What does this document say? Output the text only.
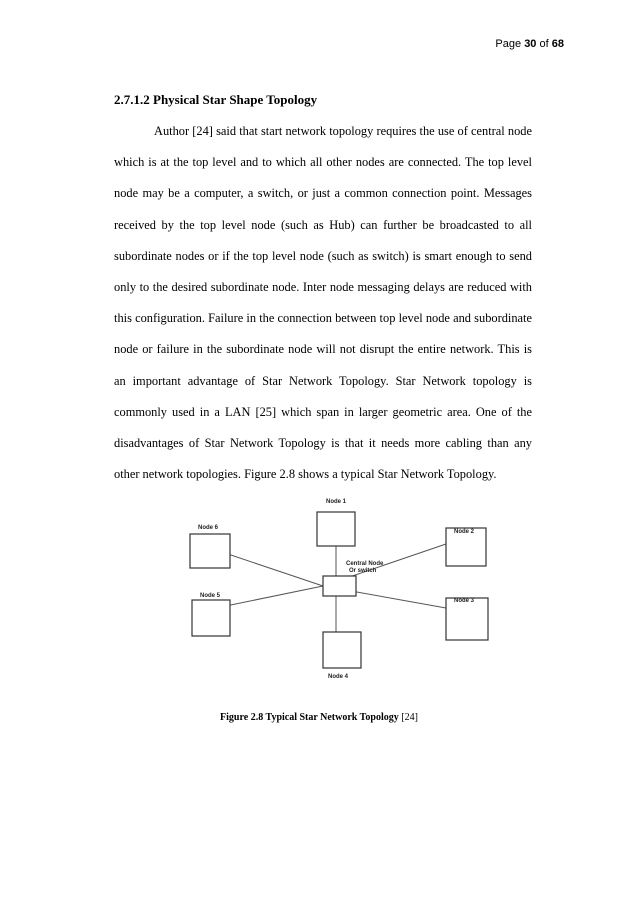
Page 30 of 68
2.7.1.2 Physical Star Shape Topology

Author [24] said that start network topology requires the use of central node which is at the top level and to which all other nodes are connected. The top level node may be a computer, a switch, or just a common connection point. Messages received by the top level node (such as Hub) can further be broadcasted to all subordinate nodes or if the top level node (such as switch) is smart enough to send only to the desired subordinate node. Inter node messaging delays are reduced with this configuration. Failure in the connection between top level node and subordinate node or failure in the subordinate node will not disrupt the entire network. This is an important advantage of Star Network Topology. Star Network topology is commonly used in a LAN [25] which span in larger geometric area. One of the disadvantages of Star Network Topology is that it needs more cabling than any other network topologies. Figure 2.8 shows a typical Star Network Topology.

Node 1
Node 2
Node 3
Node 4
Node 5
Node 6
Central Node
Or switch
Figure 2.8 Typical Star Network Topology [24]
